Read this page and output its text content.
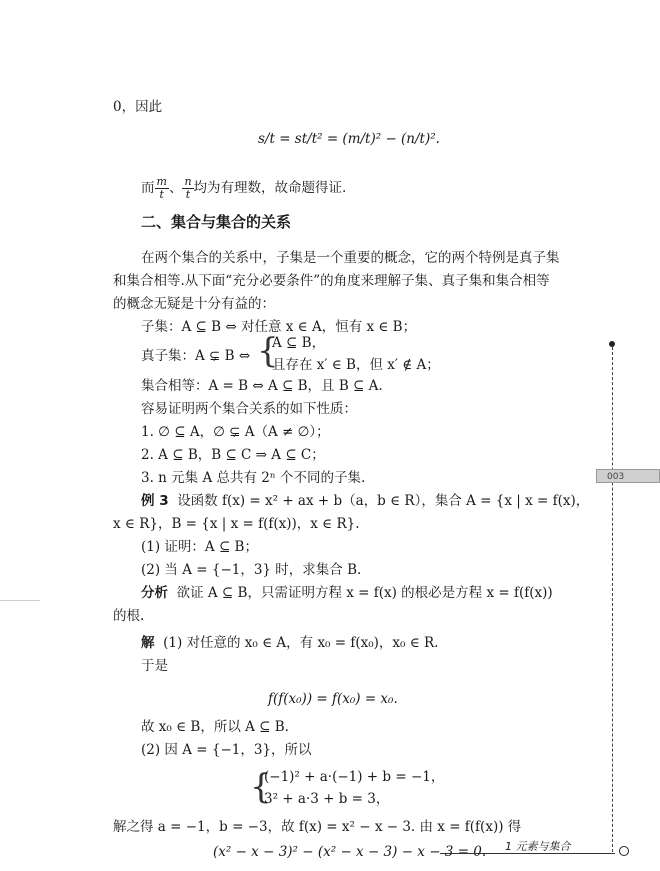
0，因此
s/t = st/t² = (m/t)² − (n/t)².
而 $\frac{m}{t}$ 、 $\frac{n}{t}$ 均为有理数，故命题得证.
二、集合与集合的关系
在两个集合的关系中，子集是一个重要的概念，它的两个特例是真子集
和集合相等.从下面“充分必要条件”的角度来理解子集、真子集和集合相等
的概念无疑是十分有益的：
子集：A ⊆ B ⇔ 对任意 x ∈ A，恒有 x ∈ B；
真子集：A ⊊ B ⇔ {
A ⊆ B，
且存在 x′ ∈ B，但 x′ ∉ A；
集合相等：A = B ⇔ A ⊆ B，且 B ⊆ A.
容易证明两个集合关系的如下性质：
1. ∅ ⊆ A，∅ ⊊ A（A ≠ ∅）；
2. A ⊆ B，B ⊆ C ⇒ A ⊆ C；
3. n 元集 A 总共有 2ⁿ 个不同的子集.
例 3 设函数 f(x) = x² + ax + b（a，b ∈ R），集合 A = {x | x = f(x)，
x ∈ R}，B = {x | x = f(f(x))，x ∈ R}.
(1) 证明：A ⊆ B；
(2) 当 A = {−1，3} 时，求集合 B.
分析 欲证 A ⊆ B，只需证明方程 x = f(x) 的根必是方程 x = f(f(x))
的根.
解 (1) 对任意的 x₀ ∈ A，有 x₀ = f(x₀)，x₀ ∈ R.
于是
f(f(x₀)) = f(x₀) = x₀.
故 x₀ ∈ B，所以 A ⊆ B.
(2) 因 A = {−1，3}，所以
{
(−1)² + a·(−1) + b = −1，
3² + a·3 + b = 3，
解之得 a = −1，b = −3，故 f(x) = x² − x − 3. 由 x = f(f(x)) 得
(x² − x − 3)² − (x² − x − 3) − x − 3 = 0.
003
1 元素与集合
